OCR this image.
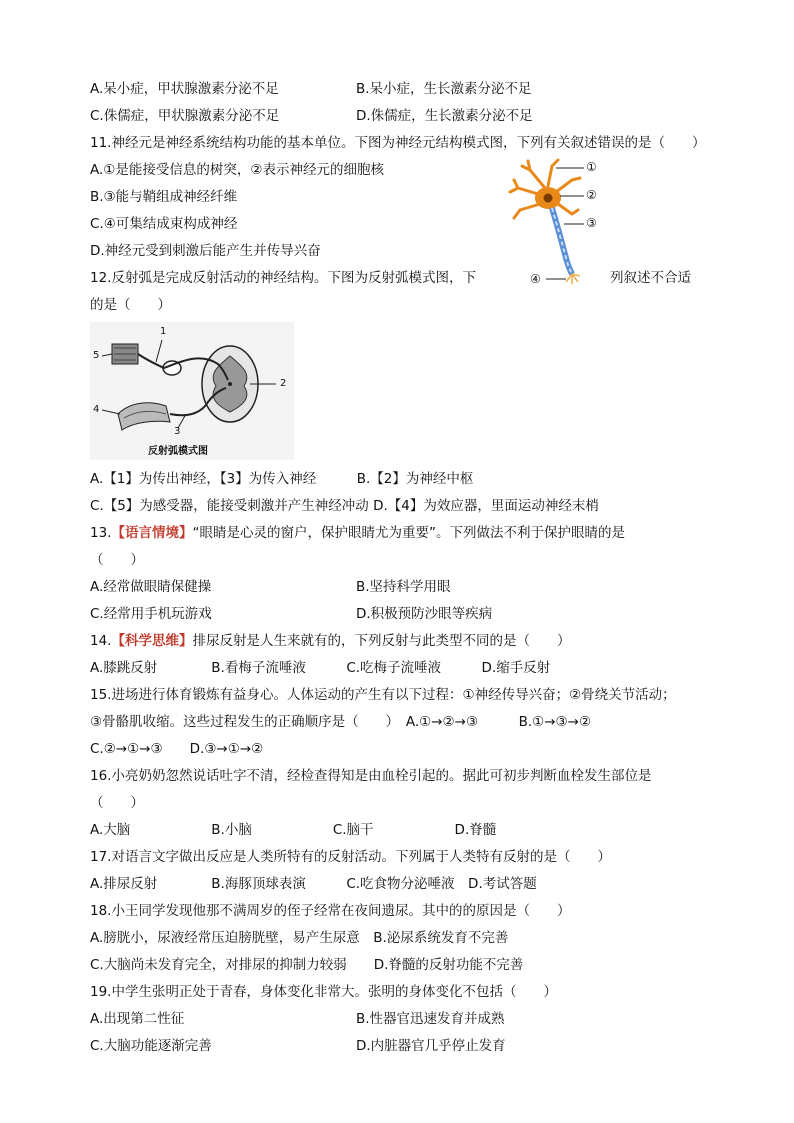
A.呆小症，甲状腺激素分泌不足	B.呆小症，生长激素分泌不足
C.侏儒症，甲状腺激素分泌不足	D.侏儒症，生长激素分泌不足
11.神经元是神经系统结构功能的基本单位。下图为神经元结构模式图，下列有关叙述错误的是（　　）
A.①是能接受信息的树突，②表示神经元的细胞核
B.③能与鞘组成神经纤维
C.④可集结成束构成神经
D.神经元受到刺激后能产生并传导兴奋
①
②
③
④
12.反射弧是完成反射活动的神经结构。下图为反射弧模式图，下	列叙述不合适
的是（　　）
1
2
3
4
5
反射弧模式图
A.【1】为传出神经，【3】为传入神经　　　B.【2】为神经中枢
C.【5】为感受器，能接受刺激并产生神经冲动 D.【4】为效应器，里面运动神经末梢
13.【语言情境】“眼睛是心灵的窗户，保护眼睛尤为重要”。下列做法不利于保护眼睛的是
（　　）
A.经常做眼睛保健操	B.坚持科学用眼
C.经常用手机玩游戏	D.积极预防沙眼等疾病
14.【科学思维】排尿反射是人生来就有的，下列反射与此类型不同的是（　　）
A.膝跳反射　　　　B.看梅子流唾液　　　C.吃梅子流唾液　　　D.缩手反射
15.进场进行体育锻炼有益身心。人体运动的产生有以下过程：①神经传导兴奋；②骨绕关节活动；
③骨骼肌收缩。这些过程发生的正确顺序是（　　）　A.①→②→③　　　B.①→③→②
C.②→①→③　　D.③→①→②
16.小亮奶奶忽然说话吐字不清，经检查得知是由血栓引起的。据此可初步判断血栓发生部位是
（　　）
A.大脑　　　　　　B.小脑　　　　　　C.脑干　　　　　　D.脊髓
17.对语言文字做出反应是人类所特有的反射活动。下列属于人类特有反射的是（　　）
A.排尿反射　　　　B.海豚顶球表演　　　C.吃食物分泌唾液　D.考试答题
18.小王同学发现他那不满周岁的侄子经常在夜间遗尿。其中的的原因是（　　）
A.膀胱小，尿液经常压迫膀胱壁，易产生尿意　B.泌尿系统发育不完善
C.大脑尚未发育完全，对排尿的抑制力较弱　　D.脊髓的反射功能不完善
19.中学生张明正处于青春，身体变化非常大。张明的身体变化不包括（　　）
A.出现第二性征	B.性器官迅速发育并成熟
C.大脑功能逐渐完善	D.内脏器官几乎停止发育
